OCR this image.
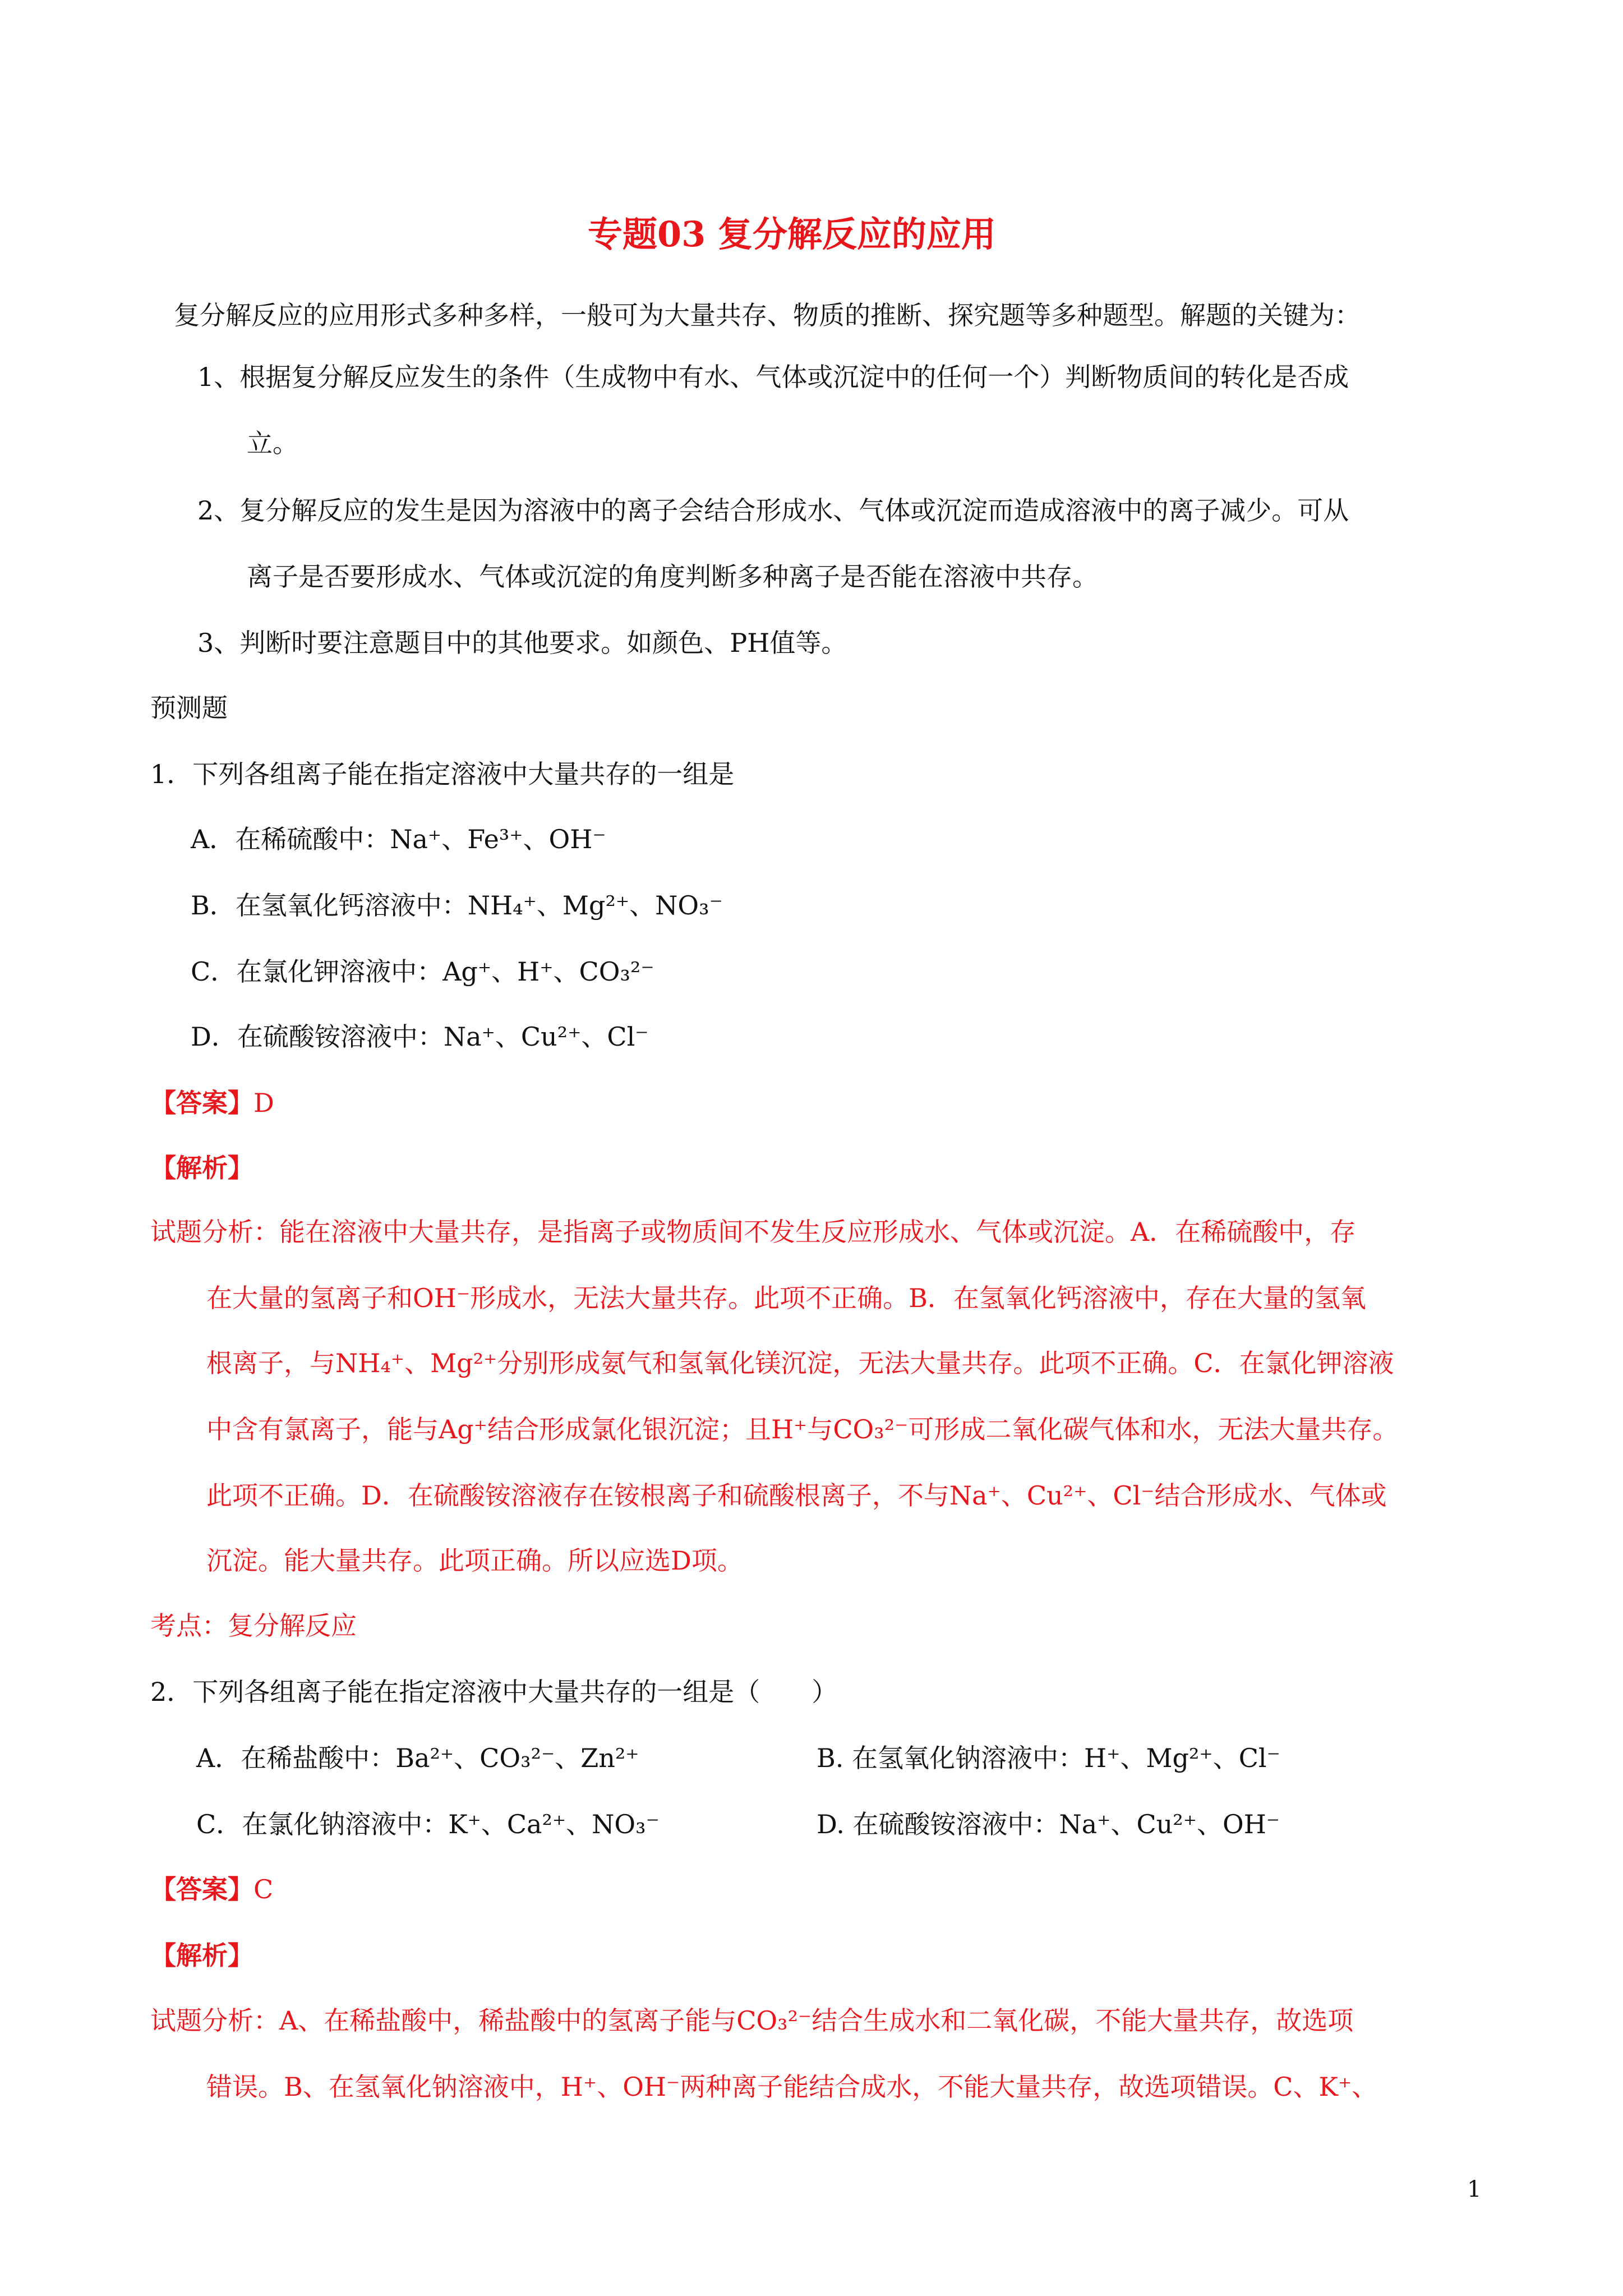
专题03 复分解反应的应用
复分解反应的应用形式多种多样，一般可为大量共存、物质的推断、探究题等多种题型。解题的关键为：
1、根据复分解反应发生的条件（生成物中有水、气体或沉淀中的任何一个）判断物质间的转化是否成
立。
2、复分解反应的发生是因为溶液中的离子会结合形成水、气体或沉淀而造成溶液中的离子减少。可从
离子是否要形成水、气体或沉淀的角度判断多种离子是否能在溶液中共存。
3、判断时要注意题目中的其他要求。如颜色、PH值等。
预测题
1．下列各组离子能在指定溶液中大量共存的一组是
A．在稀硫酸中：Na⁺、Fe³⁺、OH⁻
B．在氢氧化钙溶液中：NH₄⁺、Mg²⁺、NO₃⁻
C．在氯化钾溶液中：Ag⁺、H⁺、CO₃²⁻
D．在硫酸铵溶液中：Na⁺、Cu²⁺、Cl⁻
【答案】D
【解析】
试题分析：能在溶液中大量共存，是指离子或物质间不发生反应形成水、气体或沉淀。A．在稀硫酸中，存
在大量的氢离子和OH⁻形成水，无法大量共存。此项不正确。B．在氢氧化钙溶液中，存在大量的氢氧
根离子，与NH₄⁺、Mg²⁺分别形成氨气和氢氧化镁沉淀，无法大量共存。此项不正确。C．在氯化钾溶液
中含有氯离子，能与Ag⁺结合形成氯化银沉淀；且H⁺与CO₃²⁻可形成二氧化碳气体和水，无法大量共存。
此项不正确。D．在硫酸铵溶液存在铵根离子和硫酸根离子，不与Na⁺、Cu²⁺、Cl⁻结合形成水、气体或
沉淀。能大量共存。此项正确。所以应选D项。
考点：复分解反应
2．下列各组离子能在指定溶液中大量共存的一组是（　　）
A．在稀盐酸中：Ba²⁺、CO₃²⁻、Zn²⁺	B. 在氢氧化钠溶液中：H⁺、Mg²⁺、Cl⁻
C．在氯化钠溶液中：K⁺、Ca²⁺、NO₃⁻	D. 在硫酸铵溶液中：Na⁺、Cu²⁺、OH⁻
【答案】C
【解析】
试题分析：A、在稀盐酸中，稀盐酸中的氢离子能与CO₃²⁻结合生成水和二氧化碳，不能大量共存，故选项
错误。B、在氢氧化钠溶液中，H⁺、OH⁻两种离子能结合成水，不能大量共存，故选项错误。C、K⁺、
1
